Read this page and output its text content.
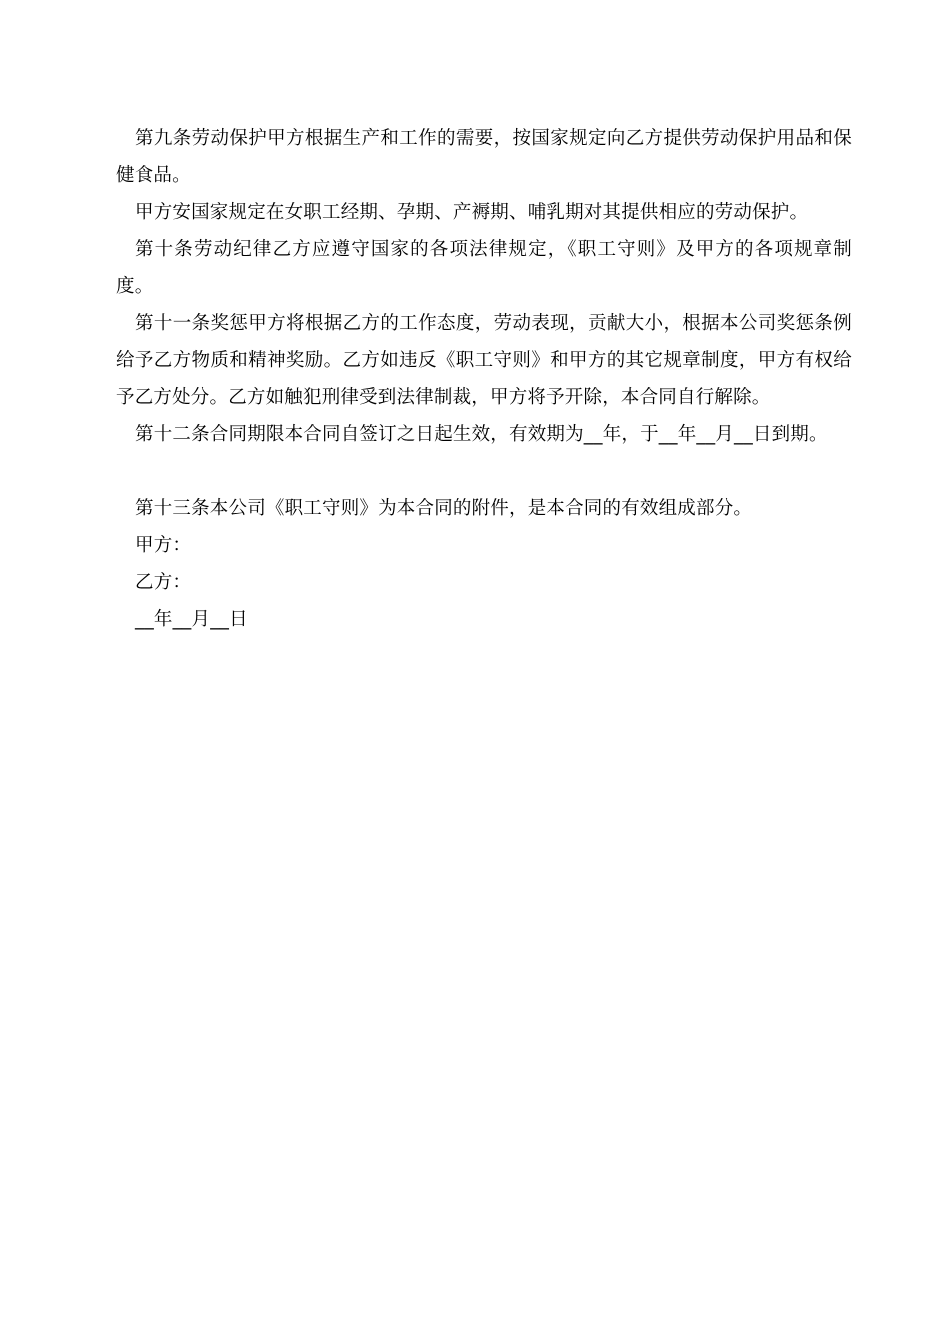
第九条劳动保护甲方根据生产和工作的需要，按国家规定向乙方提供劳动保护用品和保健食品。

甲方安国家规定在女职工经期、孕期、产褥期、哺乳期对其提供相应的劳动保护。

第十条劳动纪律乙方应遵守国家的各项法律规定，《职工守则》及甲方的各项规章制度。

第十一条奖惩甲方将根据乙方的工作态度，劳动表现，贡献大小，根据本公司奖惩条例给予乙方物质和精神奖励。乙方如违反《职工守则》和甲方的其它规章制度，甲方有权给予乙方处分。乙方如触犯刑律受到法律制裁，甲方将予开除，本合同自行解除。

第十二条合同期限本合同自签订之日起生效，有效期为__年，于__年__月__日到期。

第十三条本公司《职工守则》为本合同的附件，是本合同的有效组成部分。

甲方：

乙方：

__年__月__日
